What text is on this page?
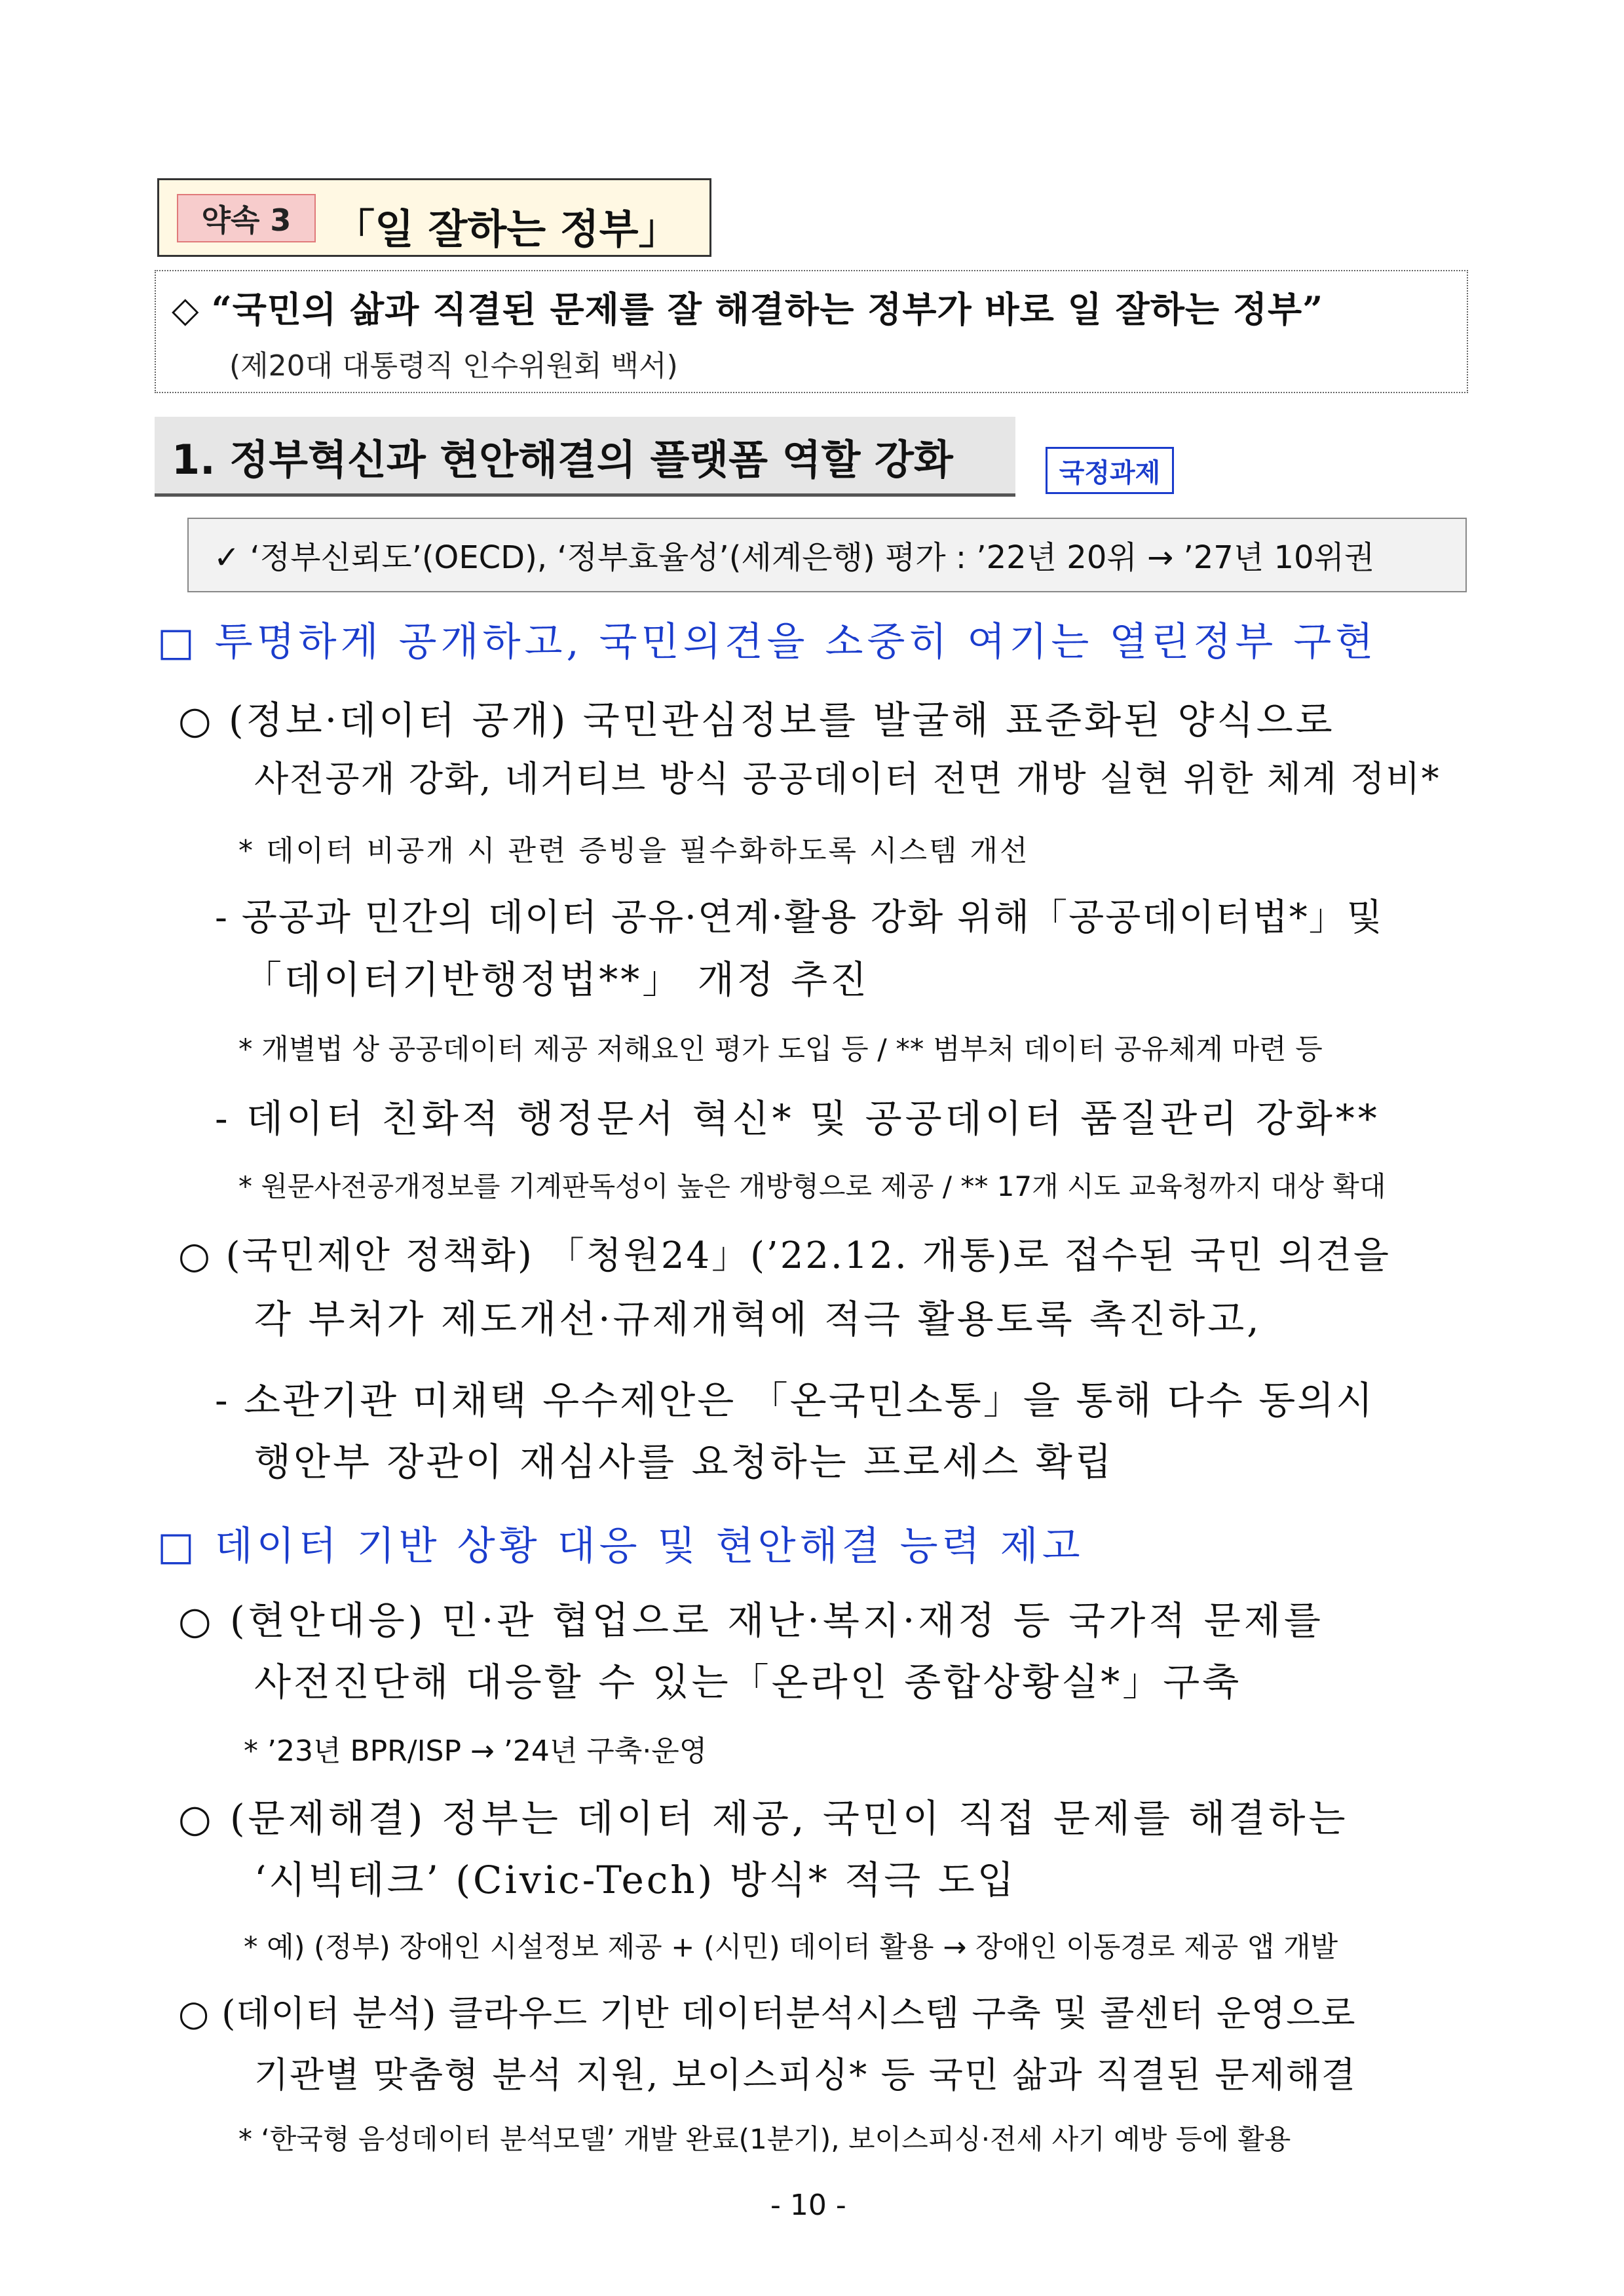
약속 3	「일 잘하는 정부」
◇ “국민의 삶과 직결된 문제를 잘 해결하는 정부가 바로 일 잘하는 정부”
(제20대 대통령직 인수위원회 백서)
1. 정부혁신과 현안해결의 플랫폼 역할 강화	국정과제
✓ ‘정부신뢰도’(OECD), ‘정부효율성’(세계은행) 평가 : ’22년 20위 → ’27년 10위권
□ 투명하게 공개하고, 국민의견을 소중히 여기는 열린정부 구현
○ (정보·데이터 공개) 국민관심정보를 발굴해 표준화된 양식으로
사전공개 강화, 네거티브 방식 공공데이터 전면 개방 실현 위한 체계 정비*
* 데이터 비공개 시 관련 증빙을 필수화하도록 시스템 개선
- 공공과 민간의 데이터 공유·연계·활용 강화 위해「공공데이터법*」및
「데이터기반행정법**」 개정 추진
* 개별법 상 공공데이터 제공 저해요인 평가 도입 등 / ** 범부처 데이터 공유체계 마련 등
- 데이터 친화적 행정문서 혁신* 및 공공데이터 품질관리 강화**
* 원문사전공개정보를 기계판독성이 높은 개방형으로 제공 / ** 17개 시도 교육청까지 대상 확대
○ (국민제안 정책화) 「청원24」(’22.12. 개통)로 접수된 국민 의견을
각 부처가 제도개선·규제개혁에 적극 활용토록 촉진하고,
- 소관기관 미채택 우수제안은 「온국민소통」을 통해 다수 동의시
행안부 장관이 재심사를 요청하는 프로세스 확립
□ 데이터 기반 상황 대응 및 현안해결 능력 제고
○ (현안대응) 민·관 협업으로 재난·복지·재정 등 국가적 문제를
사전진단해 대응할 수 있는「온라인 종합상황실*」구축
* ’23년 BPR/ISP → ’24년 구축·운영
○ (문제해결) 정부는 데이터 제공, 국민이 직접 문제를 해결하는
‘시빅테크’ (Civic-Tech) 방식* 적극 도입
* 예) (정부) 장애인 시설정보 제공 + (시민) 데이터 활용 → 장애인 이동경로 제공 앱 개발
○ (데이터 분석) 클라우드 기반 데이터분석시스템 구축 및 콜센터 운영으로
기관별 맞춤형 분석 지원, 보이스피싱* 등 국민 삶과 직결된 문제해결
* ‘한국형 음성데이터 분석모델’ 개발 완료(1분기), 보이스피싱·전세 사기 예방 등에 활용
- 10 -
